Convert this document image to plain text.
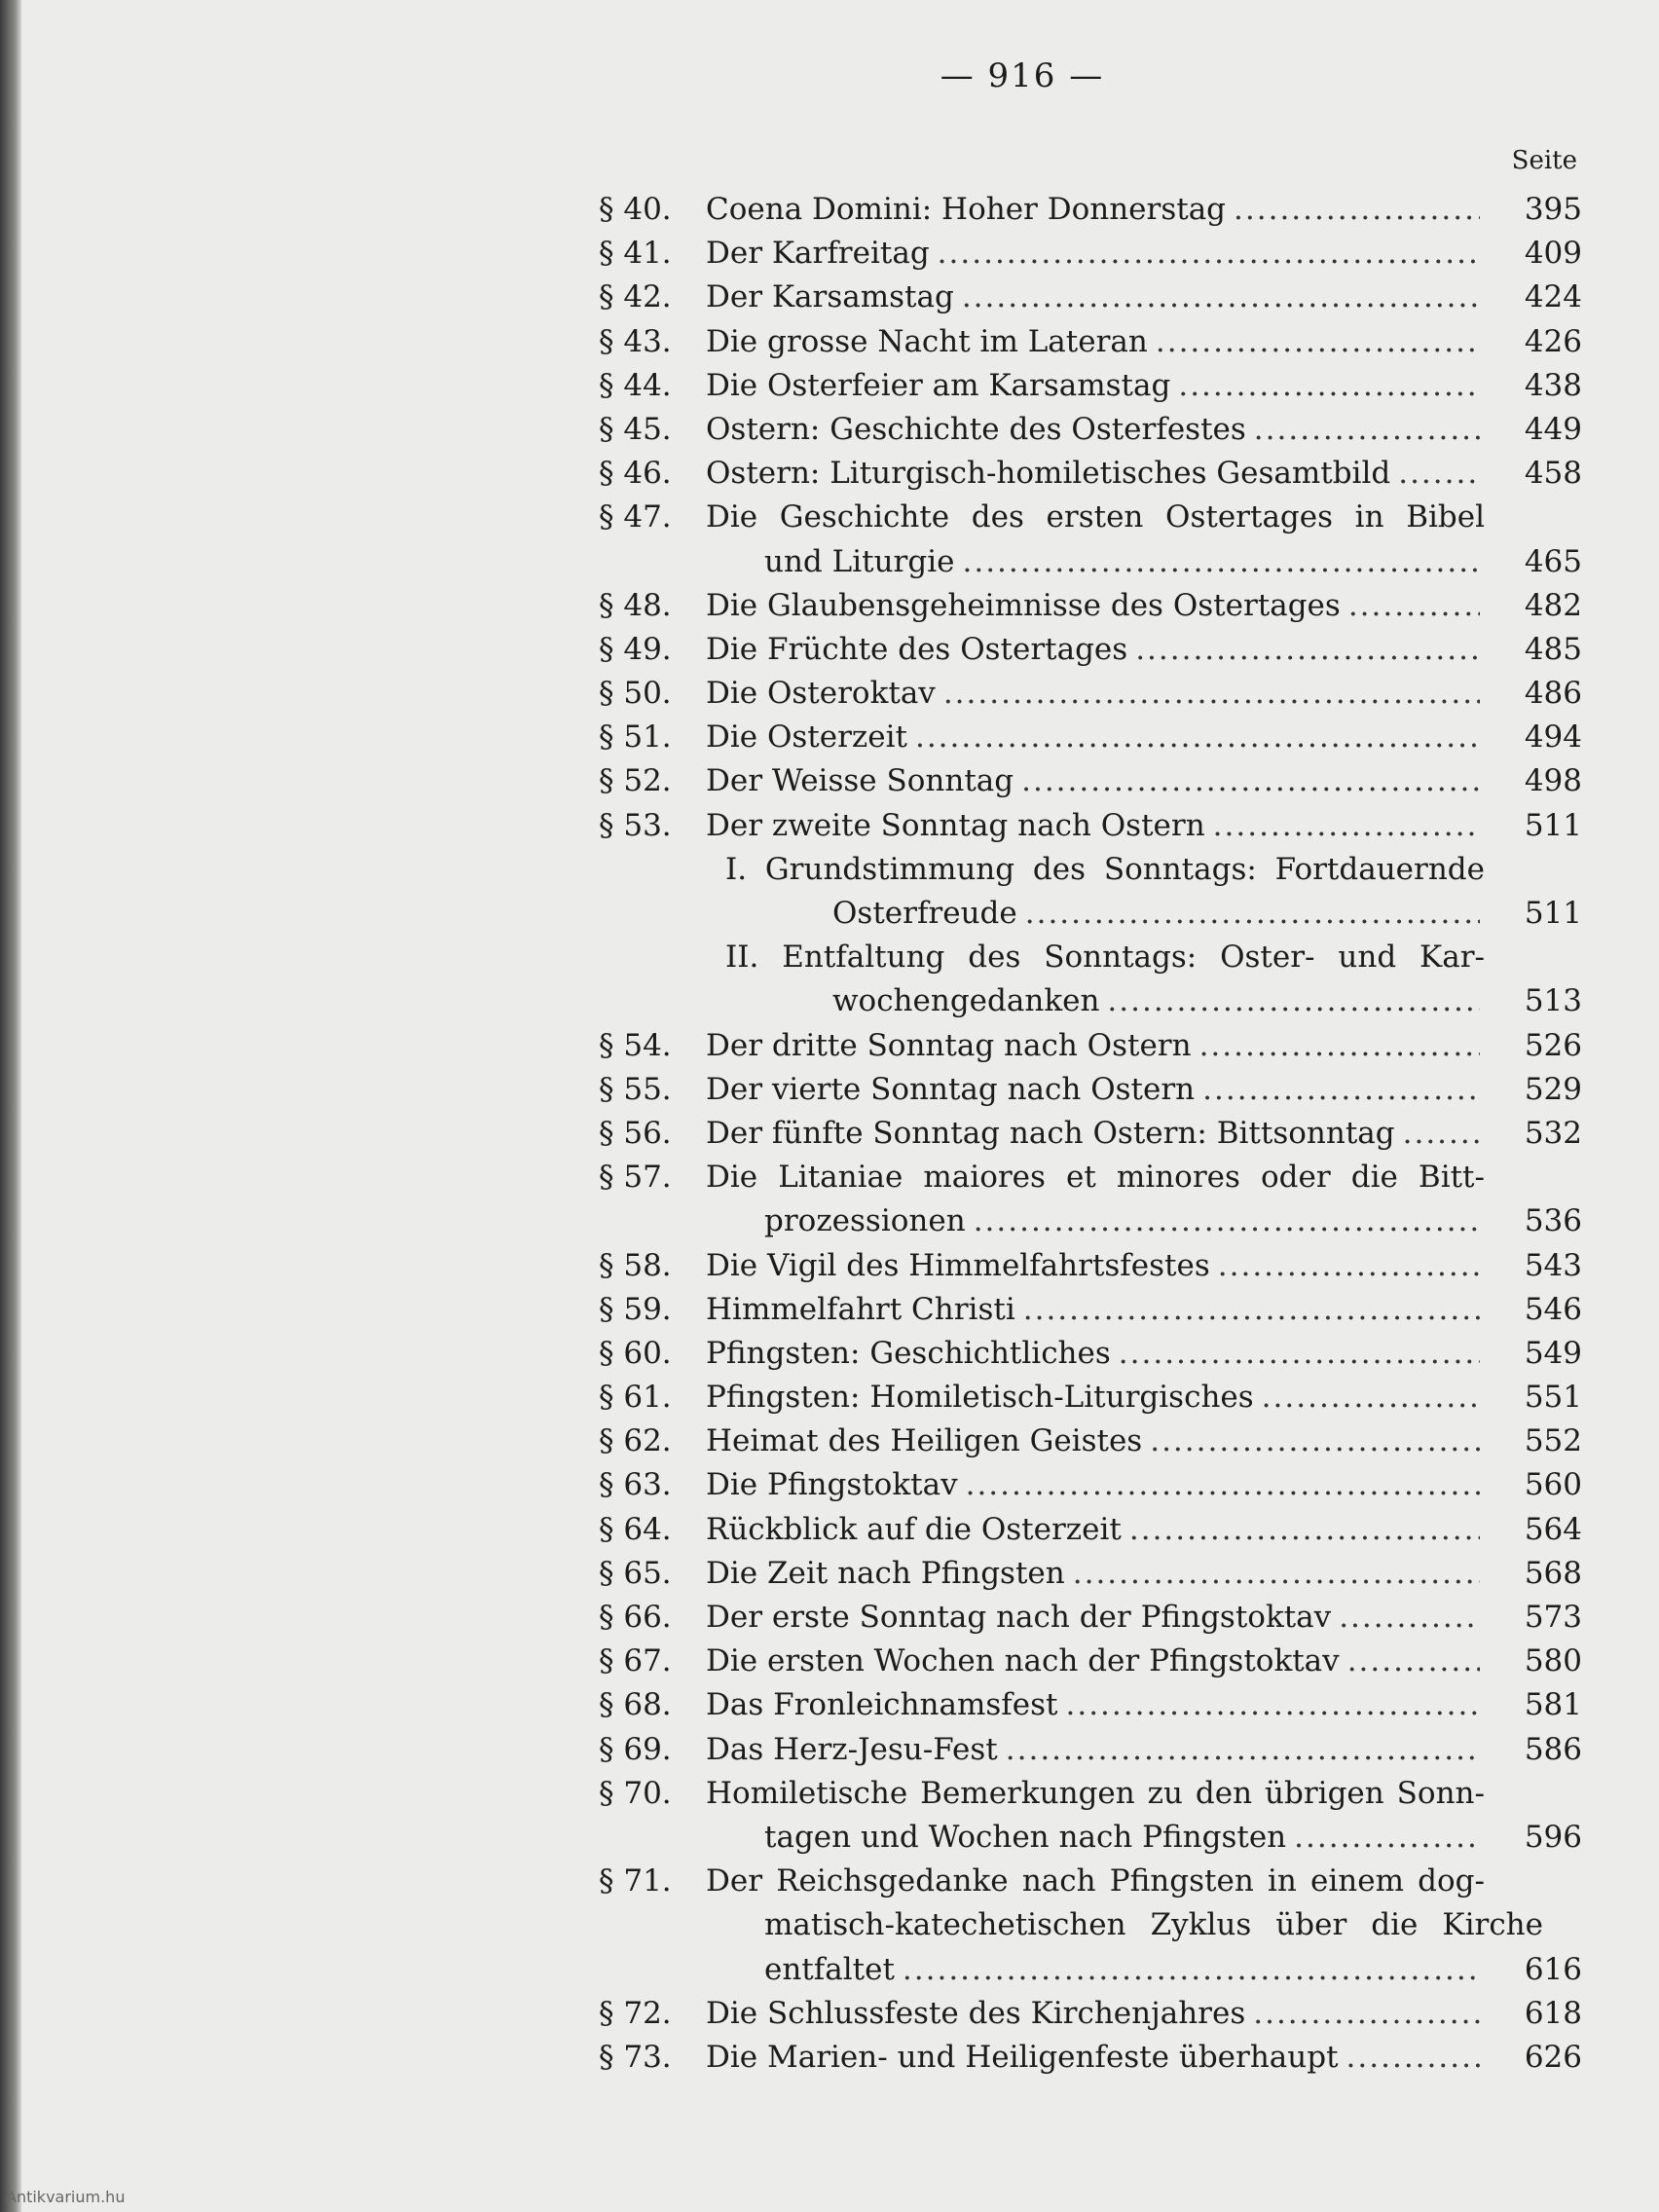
— 916 —
Seite
§ 40.	Coena Domini: Hoher Donnerstag .....	395
§ 41.	Der Karfreitag .....	409
§ 42.	Der Karsamstag .....	424
§ 43.	Die grosse Nacht im Lateran .....	426
§ 44.	Die Osterfeier am Karsamstag .....	438
§ 45.	Ostern: Geschichte des Osterfestes .....	449
§ 46.	Ostern: Liturgisch-homiletisches Gesamtbild .....	458
§ 47.	Die Geschichte des ersten Ostertages in Bibel
und Liturgie .....	465
§ 48.	Die Glaubensgeheimnisse des Ostertages .....	482
§ 49.	Die Früchte des Ostertages .....	485
§ 50.	Die Osteroktav .....	486
§ 51.	Die Osterzeit .....	494
§ 52.	Der Weisse Sonntag .....	498
§ 53.	Der zweite Sonntag nach Ostern .....	511
I. Grundstimmung des Sonntags: Fortdauernde
Osterfreude .....	511
II. Entfaltung des Sonntags: Oster- und Kar-
wochengedanken .....	513
§ 54.	Der dritte Sonntag nach Ostern .....	526
§ 55.	Der vierte Sonntag nach Ostern .....	529
§ 56.	Der fünfte Sonntag nach Ostern: Bittsonntag .....	532
§ 57.	Die Litaniae maiores et minores oder die Bitt-
prozessionen .....	536
§ 58.	Die Vigil des Himmelfahrtsfestes .....	543
§ 59.	Himmelfahrt Christi .....	546
§ 60.	Pfingsten: Geschichtliches .....	549
§ 61.	Pfingsten: Homiletisch-Liturgisches .....	551
§ 62.	Heimat des Heiligen Geistes .....	552
§ 63.	Die Pfingstoktav .....	560
§ 64.	Rückblick auf die Osterzeit .....	564
§ 65.	Die Zeit nach Pfingsten .....	568
§ 66.	Der erste Sonntag nach der Pfingstoktav .....	573
§ 67.	Die ersten Wochen nach der Pfingstoktav .....	580
§ 68.	Das Fronleichnamsfest .....	581
§ 69.	Das Herz-Jesu-Fest .....	586
§ 70.	Homiletische Bemerkungen zu den übrigen Sonn-
tagen und Wochen nach Pfingsten .....	596
§ 71.	Der Reichsgedanke nach Pfingsten in einem dog-
matisch-katechetischen Zyklus über die Kirche
entfaltet .....	616
§ 72.	Die Schlussfeste des Kirchenjahres .....	618
§ 73.	Die Marien- und Heiligenfeste überhaupt .....	626
Antikvarium.hu
